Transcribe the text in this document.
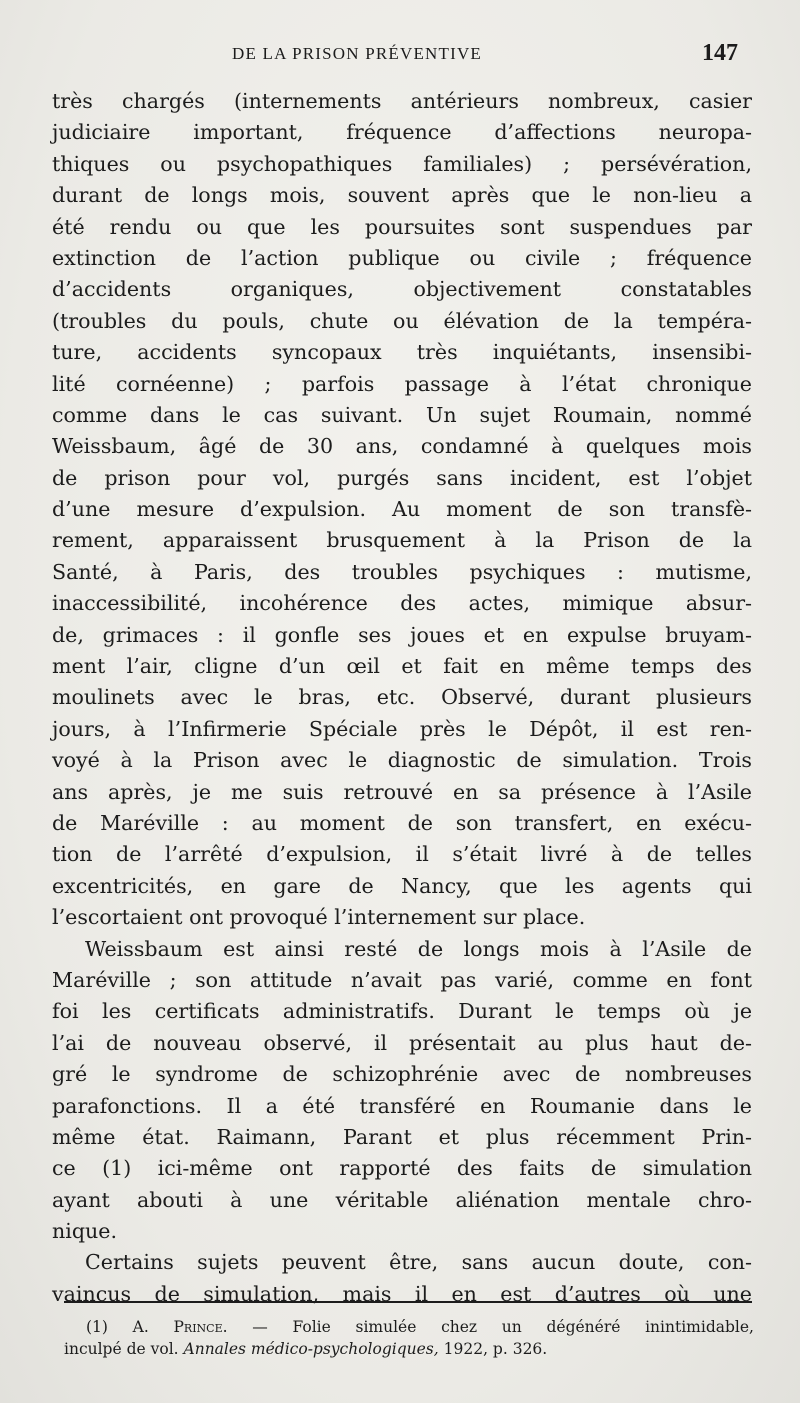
DE LA PRISON PRÉVENTIVE	147
très chargés (internements antérieurs nombreux, casier
judiciaire important, fréquence d’affections neuropa-
thiques ou psychopathiques familiales) ; persévération,
durant de longs mois, souvent après que le non-lieu a
été rendu ou que les poursuites sont suspendues par
extinction de l’action publique ou civile ; fréquence
d’accidents organiques, objectivement constatables
(troubles du pouls, chute ou élévation de la tempéra-
ture, accidents syncopaux très inquiétants, insensibi-
lité cornéenne) ; parfois passage à l’état chronique
comme dans le cas suivant. Un sujet Roumain, nommé
Weissbaum, âgé de 30 ans, condamné à quelques mois
de prison pour vol, purgés sans incident, est l’objet
d’une mesure d’expulsion. Au moment de son transfè-
rement, apparaissent brusquement à la Prison de la
Santé, à Paris, des troubles psychiques : mutisme,
inaccessibilité, incohérence des actes, mimique absur-
de, grimaces : il gonfle ses joues et en expulse bruyam-
ment l’air, cligne d’un œil et fait en même temps des
moulinets avec le bras, etc. Observé, durant plusieurs
jours, à l’Infirmerie Spéciale près le Dépôt, il est ren-
voyé à la Prison avec le diagnostic de simulation. Trois
ans après, je me suis retrouvé en sa présence à l’Asile
de Maréville : au moment de son transfert, en exécu-
tion de l’arrêté d’expulsion, il s’était livré à de telles
excentricités, en gare de Nancy, que les agents qui
l’escortaient ont provoqué l’internement sur place.
Weissbaum est ainsi resté de longs mois à l’Asile de
Maréville ; son attitude n’avait pas varié, comme en font
foi les certificats administratifs. Durant le temps où je
l’ai de nouveau observé, il présentait au plus haut de-
gré le syndrome de schizophrénie avec de nombreuses
parafonctions. Il a été transféré en Roumanie dans le
même état. Raimann, Parant et plus récemment Prin-
ce (1) ici-même ont rapporté des faits de simulation
ayant abouti à une véritable aliénation mentale chro-
nique.
Certains sujets peuvent être, sans aucun doute, con-
vaincus de simulation, mais il en est d’autres où une
(1) A. Prince. — Folie simulée chez un dégénéré inintimidable,
inculpé de vol. Annales médico-psychologiques, 1922, p. 326.
